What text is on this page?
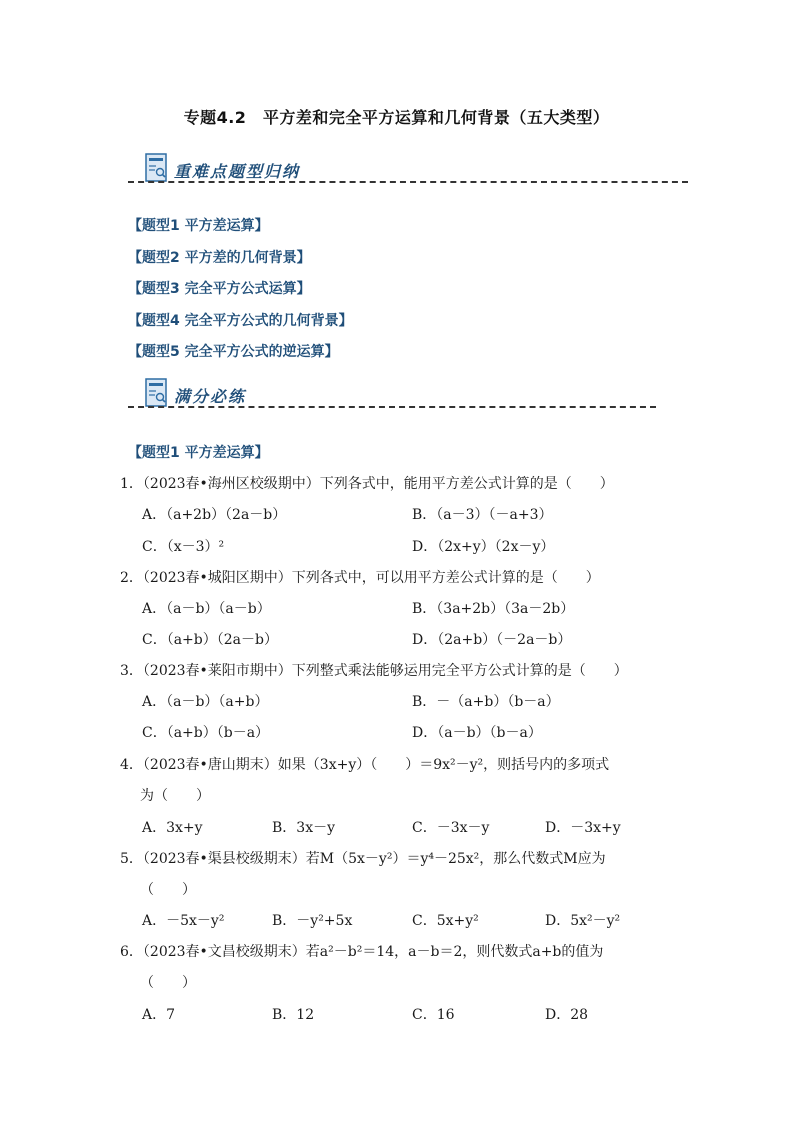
专题4.2　平方差和完全平方运算和几何背景（五大类型）
重难点题型归纳
【题型1 平方差运算】
【题型2 平方差的几何背景】
【题型3 完全平方公式运算】
【题型4 完全平方公式的几何背景】
【题型5 完全平方公式的逆运算】
满分必练
【题型1 平方差运算】
1．（2023春•海州区校级期中）下列各式中，能用平方差公式计算的是（　　）
A．（a+2b）（2a－b）	B．（a－3）（－a+3）
C．（x－3）²	D．（2x+y）（2x－y）
2．（2023春•城阳区期中）下列各式中，可以用平方差公式计算的是（　　）
A．（a－b）（a－b）	B．（3a+2b）（3a－2b）
C．（a+b）（2a－b）	D．（2a+b）（－2a－b）
3．（2023春•莱阳市期中）下列整式乘法能够运用完全平方公式计算的是（　　）
A．（a－b）（a+b）	B．－（a+b）（b－a）
C．（a+b）（b－a）	D．（a－b）（b－a）
4．（2023春•唐山期末）如果（3x+y）（　　）＝9x²－y²，则括号内的多项式
为（　　）
A．3x+y	B．3x－y	C．－3x－y	D．－3x+y
5．（2023春•渠县校级期末）若M（5x－y²）＝y⁴－25x²，那么代数式M应为
（　　）
A．－5x－y²	B．－y²+5x	C．5x+y²	D．5x²－y²
6．（2023春•文昌校级期末）若a²－b²＝14，a－b＝2，则代数式a+b的值为
（　　）
A．7	B．12	C．16	D．28
